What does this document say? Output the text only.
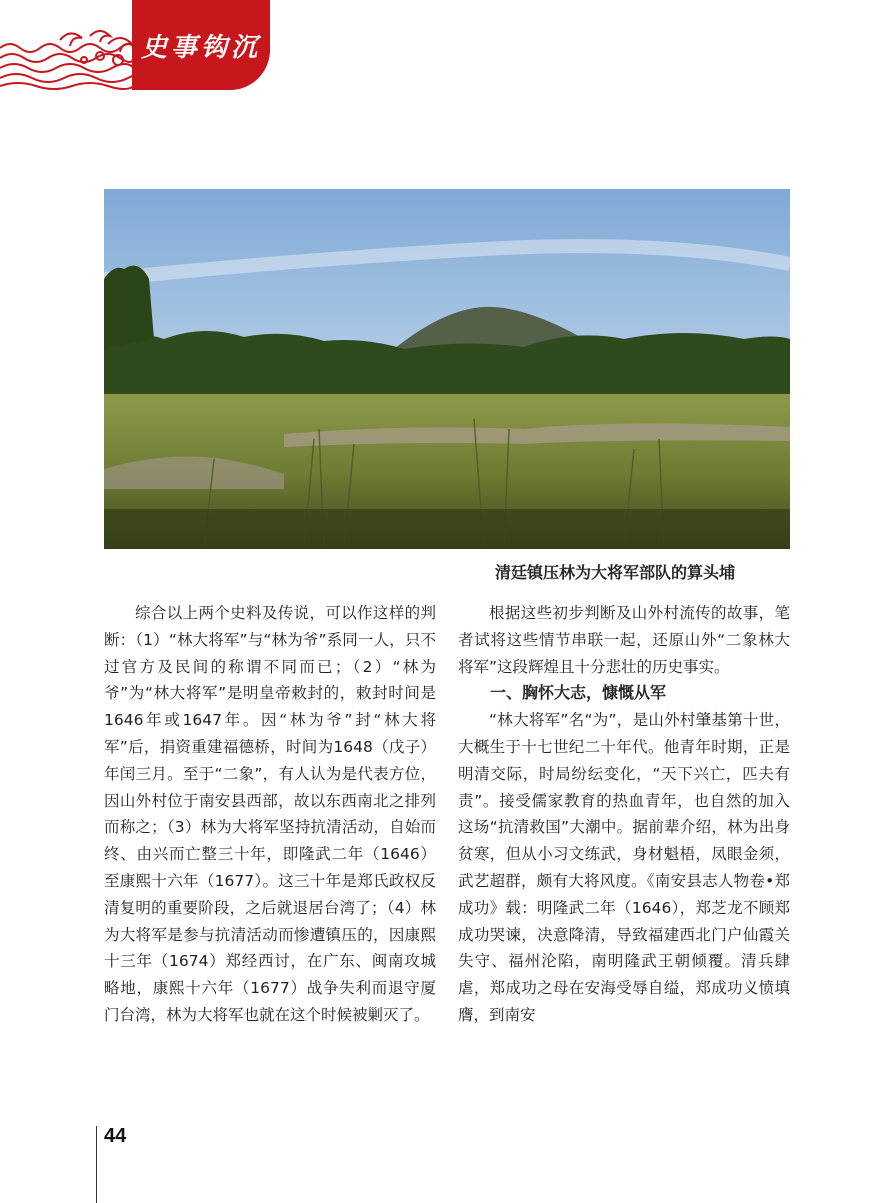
史事钩沉
清廷镇压林为大将军部队的算头埔

综合以上两个史料及传说，可以作这样的判断：（1）“林大将军”与“林为爷”系同一人，只不过官方及民间的称谓不同而已；（2）“林为爷”为“林大将军”是明皇帝敕封的，敕封时间是1646年或1647年。因“林为爷”封“林大将军”后，捐资重建福德桥，时间为1648（戊子）年闰三月。至于“二象”，有人认为是代表方位，因山外村位于南安县西部，故以东西南北之排列而称之；（3）林为大将军坚持抗清活动，自始而终、由兴而亡整三十年，即隆武二年（1646）至康熙十六年（1677）。这三十年是郑氏政权反清复明的重要阶段，之后就退居台湾了；（4）林为大将军是参与抗清活动而惨遭镇压的，因康熙十三年（1674）郑经西讨，在广东、闽南攻城略地，康熙十六年（1677）战争失利而退守厦门台湾，林为大将军也就在这个时候被剿灭了。

根据这些初步判断及山外村流传的故事，笔者试将这些情节串联一起，还原山外“二象林大将军”这段辉煌且十分悲壮的历史事实。

一、胸怀大志，慷慨从军

“林大将军”名“为”，是山外村肇基第十世，大概生于十七世纪二十年代。他青年时期，正是明清交际，时局纷纭变化，“天下兴亡，匹夫有责”。接受儒家教育的热血青年，也自然的加入这场“抗清救国”大潮中。据前辈介绍，林为出身贫寒，但从小习文练武，身材魁梧，凤眼金须，武艺超群，颇有大将风度。《南安县志人物卷•郑成功》载：明隆武二年（1646），郑芝龙不顾郑成功哭谏，决意降清，导致福建西北门户仙霞关失守、福州沦陷，南明隆武王朝倾覆。清兵肆虐，郑成功之母在安海受辱自缢，郑成功义愤填膺，到南安

44
